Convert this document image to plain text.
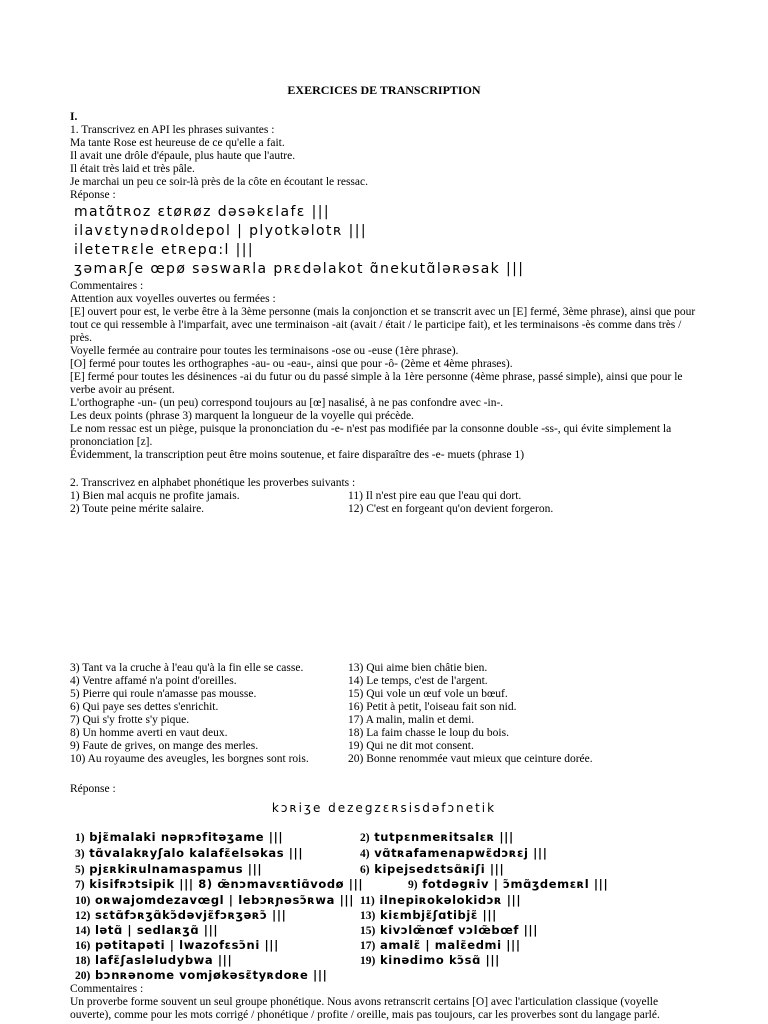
EXERCICES DE TRANSCRIPTION
I.
1. Transcrivez en API les phrases suivantes :
Ma tante Rose est heureuse de ce qu'elle a fait.
Il avait une drôle d'épaule, plus haute que l'autre.
Il était très laid et très pâle.
Je marchai un peu ce soir-là près de la côte en écoutant le ressac.
Réponse :
matɑ̃tʀoz ɛtøʀøz dəsəkɛlafɛ |||
ilavɛtynədʀoldepol | plyotkəlotʀ |||
ileteтʀɛle etʀepɑ:l |||
ʒəmaʀʃe œpø səswaʀla pʀɛdəlakot ɑ̃nekutɑ̃ləʀəsak |||
Commentaires :
Attention aux voyelles ouvertes ou fermées :
[E] ouvert pour est, le verbe être à la 3ème personne (mais la conjonction et se transcrit avec un [E] fermé, 3ème phrase), ainsi que pour tout ce qui ressemble à l'imparfait, avec une terminaison -ait (avait / était / le participe fait), et les terminaisons -ès comme dans très / près.
Voyelle fermée au contraire pour toutes les terminaisons -ose ou -euse (1ère phrase).
[O] fermé pour toutes les orthographes -au- ou -eau-, ainsi que pour -ô- (2ème et 4ème phrases).
[E] fermé pour toutes les désinences -ai du futur ou du passé simple à la 1ère personne (4ème phrase, passé simple), ainsi que pour le verbe avoir au présent.
L'orthographe -un- (un peu) correspond toujours au [œ] nasalisé, à ne pas confondre avec -in-.
Les deux points (phrase 3) marquent la longueur de la voyelle qui précède.
Le nom ressac est un piège, puisque la prononciation du -e- n'est pas modifiée par la consonne double -ss-, qui évite simplement la prononciation [z].
Évidemment, la transcription peut être moins soutenue, et faire disparaître des -e- muets (phrase 1)
2. Transcrivez en alphabet phonétique les proverbes suivants :
1) Bien mal acquis ne profite jamais.
2) Toute peine mérite salaire.
11) Il n'est pire eau que l'eau qui dort.
12) C'est en forgeant qu'on devient forgeron.
3) Tant va la cruche à l'eau qu'à la fin elle se casse.
4) Ventre affamé n'a point d'oreilles.
5) Pierre qui roule n'amasse pas mousse.
6) Qui paye ses dettes s'enrichit.
7) Qui s'y frotte s'y pique.
8) Un homme averti en vaut deux.
9) Faute de grives, on mange des merles.
10) Au royaume des aveugles, les borgnes sont rois.
13) Qui aime bien châtie bien.
14) Le temps, c'est de l'argent.
15) Qui vole un œuf vole un bœuf.
16) Petit à petit, l'oiseau fait son nid.
17) A malin, malin et demi.
18) La faim chasse le loup du bois.
19) Qui ne dit mot consent.
20) Bonne renommée vaut mieux que ceinture dorée.
Réponse :
kɔʀiʒe dezegzɛʀsisdəfɔnetik
1) bjɛ̃malaki nəpʀɔfitəʒame |||	2) tutpɛnmeʀitsalɛʀ |||
3) tɑ̃valakʀyʃalo kalafɛ̃elsəkas |||	4) vɑ̃tʀafamenapwɛ̃dɔʀɛj |||
5) pjɛʀkiʀulnamaspamus |||	6) kipejsedɛtsɑ̃ʀiʃi |||
7) kisifʀɔtsipik ||| 8) œ̃nɔmavɛʀtiɑ̃vodø |||	9) fotdəgʀiv | ɔ̃mɑ̃ʒdemɛʀl |||
10) oʀwajomdezavœgl | lebɔʀɲəsɔ̃ʀwa ||| 11) ilnepiʀokəlokidɔʀ |||
12) sɛtɑ̃fɔʀʒɑ̃kɔ̃dəvjɛ̃fɔʀʒəʀɔ̃ |||	13) kiɛmbjɛ̃ʃɑtibjɛ̃ |||
14) lətɑ̃ | sedlaʀʒɑ̃ |||	15) kivɔlœ̃nœf vɔlœ̃bœf |||
16) pətitapəti | lwazofɛsɔ̃ni |||	17) amalɛ̃ | malɛ̃edmi |||
18) lafɛ̃ʃasləludybwa |||	19) kinədimo kɔ̃sɑ̃ |||
20) bɔnʀənome vomjøkəsɛ̃tyʀdoʀe |||
Commentaires :
Un proverbe forme souvent un seul groupe phonétique. Nous avons retranscrit certains [O] avec l'articulation classique (voyelle ouverte), comme pour les mots corrigé / phonétique / profite / oreille, mais pas toujours, car les proverbes sont du langage parlé.
